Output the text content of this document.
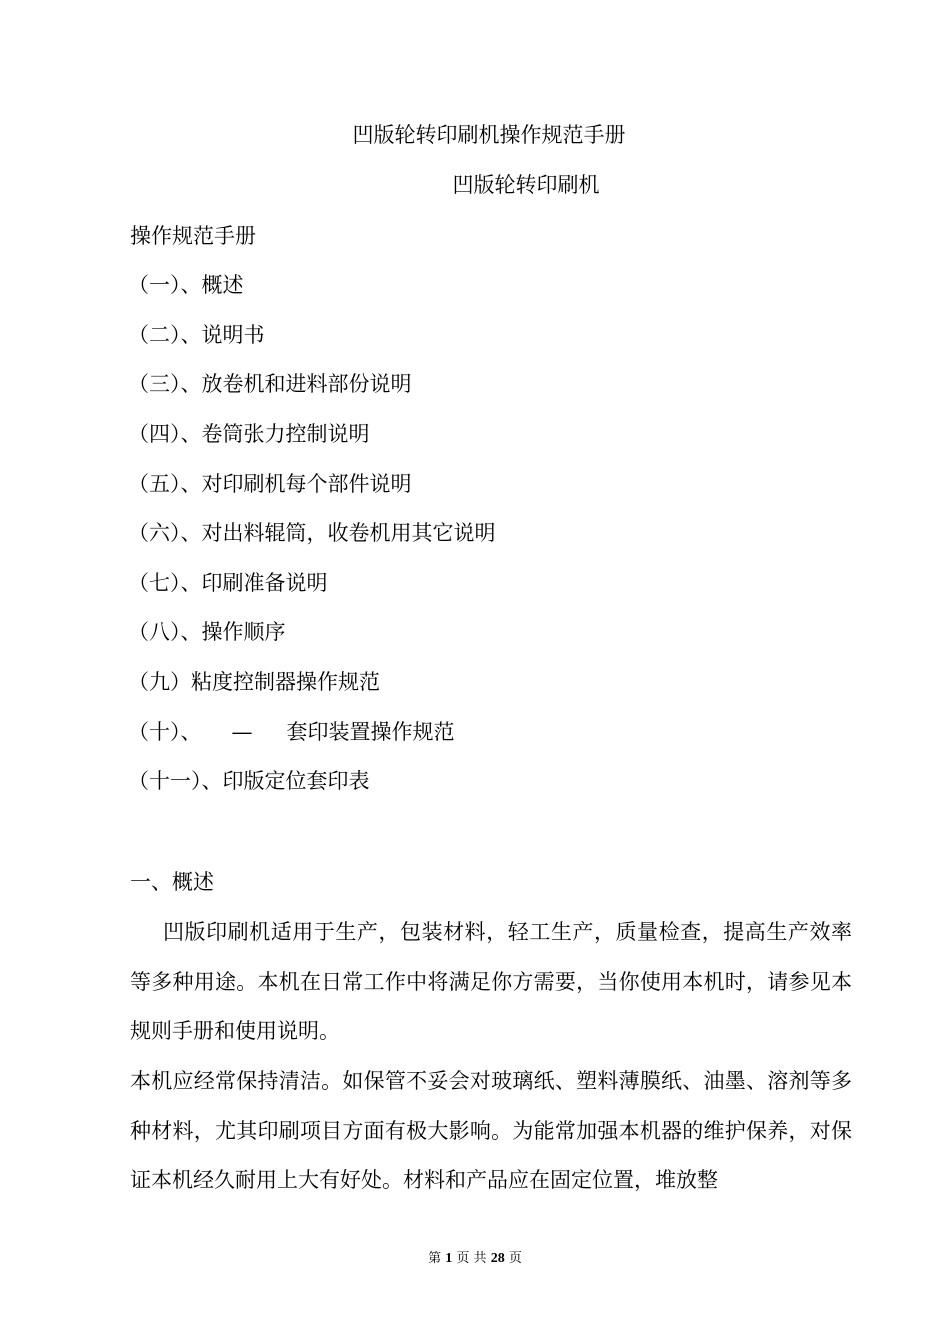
凹版轮转印刷机操作规范手册
凹版轮转印刷机
操作规范手册
（一）、概述
（二）、说明书
（三）、放卷机和进料部份说明
（四）、卷筒张力控制说明
（五）、对印刷机每个部件说明
（六）、对出料辊筒，收卷机用其它说明
（七）、印刷准备说明
（八）、操作顺序
（九）粘度控制器操作规范
（十）、 — 套印装置操作规范
（十一）、印版定位套印表
一、概述
凹版印刷机适用于生产，包装材料，轻工生产，质量检查，提高生产效率等多种用途。本机在日常工作中将满足你方需要，当你使用本机时，请参见本规则手册和使用说明。
本机应经常保持清洁。如保管不妥会对玻璃纸、塑料薄膜纸、油墨、溶剂等多种材料，尤其印刷项目方面有极大影响。为能常加强本机器的维护保养，对保证本机经久耐用上大有好处。材料和产品应在固定位置，堆放整
第 1 页 共 28 页
